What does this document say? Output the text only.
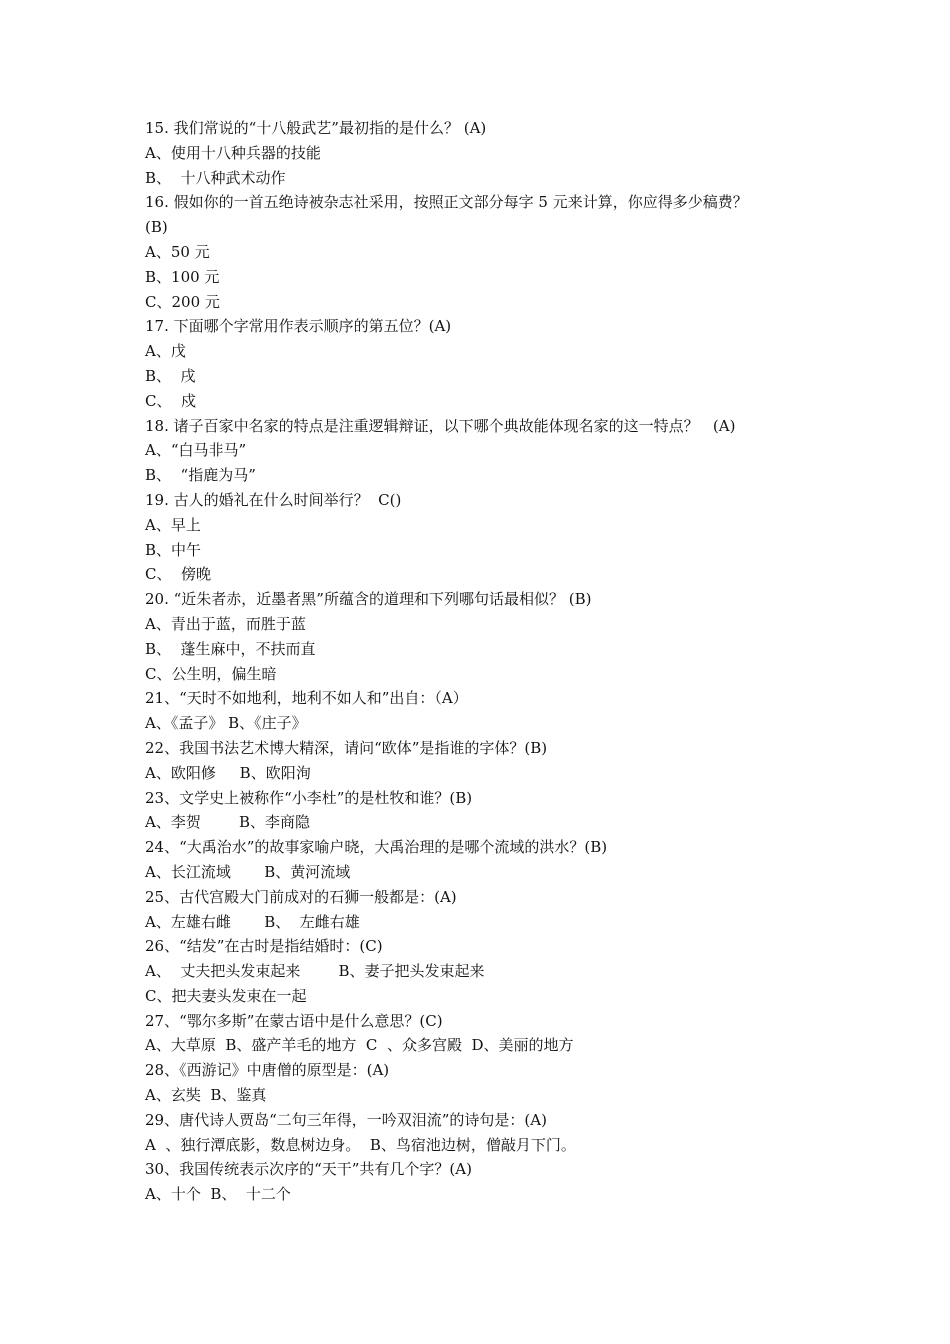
15. 我们常说的“十八般武艺”最初指的是什么？ (A)
A、使用十八种兵器的技能
B、  十八种武术动作
16. 假如你的一首五绝诗被杂志社采用，按照正文部分每字 5 元来计算，你应得多少稿费？
(B)
A、50 元
B、100 元
C、200 元
17. 下面哪个字常用作表示顺序的第五位？(A)
A、戊
B、  戌
C、  戍
18. 诸子百家中名家的特点是注重逻辑辩证，以下哪个典故能体现名家的这一特点？   (A)
A、“白马非马”
B、  “指鹿为马”
19. 古人的婚礼在什么时间举行？  C()
A、早上
B、中午
C、  傍晚
20. “近朱者赤，近墨者黑”所蕴含的道理和下列哪句话最相似？ (B)
A、青出于蓝，而胜于蓝
B、  蓬生麻中，不扶而直
C、公生明，偏生暗
21、“天时不如地利，地利不如人和”出自：（A）
A、《孟子》 B、《庄子》
22、我国书法艺术博大精深，请问“欧体”是指谁的字体？(B)
A、欧阳修     B、欧阳洵
23、文学史上被称作“小李杜”的是杜牧和谁？(B)
A、李贺        B、李商隐
24、“大禹治水”的故事家喻户晓，大禹治理的是哪个流域的洪水？(B)
A、长江流域       B、黄河流域
25、古代宫殿大门前成对的石狮一般都是：(A)
A、左雄右雌       B、  左雌右雄
26、“结发”在古时是指结婚时：(C)
A、  丈夫把头发束起来        B、妻子把头发束起来
C、把夫妻头发束在一起
27、“鄂尔多斯”在蒙古语中是什么意思？(C)
A、大草原  B、盛产羊毛的地方  C  、众多宫殿  D、美丽的地方
28、《西游记》中唐僧的原型是：(A)
A、玄奘  B、鉴真
29、唐代诗人贾岛“二句三年得，一吟双泪流”的诗句是：(A)
A  、独行潭底影，数息树边身。  B、鸟宿池边树，僧敲月下门。
30、我国传统表示次序的“天干”共有几个字？(A)
A、十个  B、  十二个
